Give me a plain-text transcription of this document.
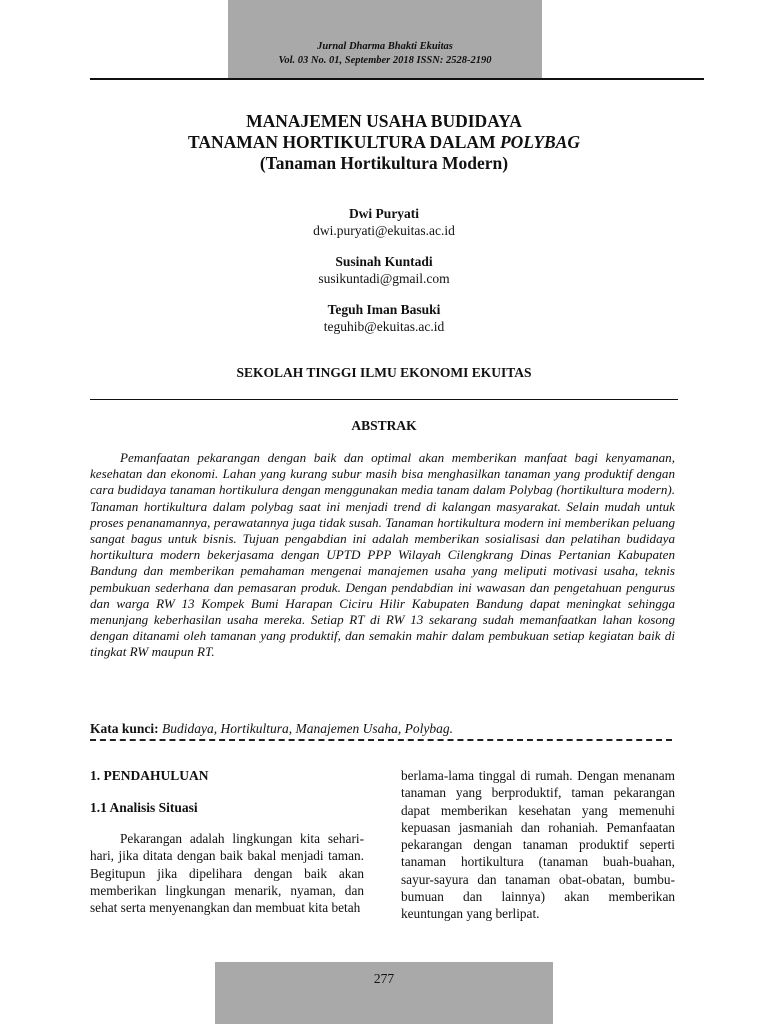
Jurnal Dharma Bhakti Ekuitas
Vol. 03 No. 01, September 2018 ISSN: 2528-2190
MANAJEMEN USAHA BUDIDAYA
TANAMAN HORTIKULTURA DALAM POLYBAG
(Tanaman Hortikultura Modern)
Dwi Puryati
dwi.puryati@ekuitas.ac.id
Susinah Kuntadi
susikuntadi@gmail.com
Teguh Iman Basuki
teguhib@ekuitas.ac.id
SEKOLAH TINGGI ILMU EKONOMI EKUITAS
ABSTRAK

Pemanfaatan pekarangan dengan baik dan optimal akan memberikan manfaat bagi kenyamanan, kesehatan dan ekonomi. Lahan yang kurang subur masih bisa menghasilkan tanaman yang produktif dengan cara budidaya tanaman hortikulura dengan menggunakan media tanam dalam Polybag (hortikultura modern). Tanaman hortikultura dalam polybag saat ini menjadi trend di kalangan masyarakat. Selain mudah untuk proses penanamannya, perawatannya juga tidak susah. Tanaman hortikultura modern ini memberikan peluang sangat bagus untuk bisnis. Tujuan pengabdian ini adalah memberikan sosialisasi dan pelatihan budidaya hortikultura modern bekerjasama dengan UPTD PPP Wilayah Cilengkrang Dinas Pertanian Kabupaten Bandung dan memberikan pemahaman mengenai manajemen usaha yang meliputi motivasi usaha, teknis pembukuan sederhana dan pemasaran produk. Dengan pendabdian ini wawasan dan pengetahuan pengurus dan warga RW 13 Kompek Bumi Harapan Ciciru Hilir Kabupaten Bandung dapat meningkat sehingga menunjang keberhasilan usaha mereka. Setiap RT di RW 13 sekarang sudah memanfaatkan lahan kosong dengan ditanami oleh tamanan yang produktif, dan semakin mahir dalam pembukuan setiap kegiatan baik di tingkat RW maupun RT.

Kata kunci: Budidaya, Hortikultura, Manajemen Usaha, Polybag.
1. PENDAHULUAN
1.1 Analisis Situasi

Pekarangan adalah lingkungan kita sehari-hari, jika ditata dengan baik bakal menjadi taman. Begitupun jika dipelihara dengan baik akan memberikan lingkungan menarik, nyaman, dan sehat serta menyenangkan dan membuat kita betah

berlama-lama tinggal di rumah. Dengan menanam tanaman yang berproduktif, taman pekarangan dapat memberikan kesehatan yang memenuhi kepuasan jasmaniah dan rohaniah. Pemanfaatan pekarangan dengan tanaman produktif seperti tanaman hortikultura (tanaman buah-buahan, sayur-sayura dan tanaman obat-obatan, bumbu-bumuan dan lainnya) akan memberikan keuntungan yang berlipat.

277
